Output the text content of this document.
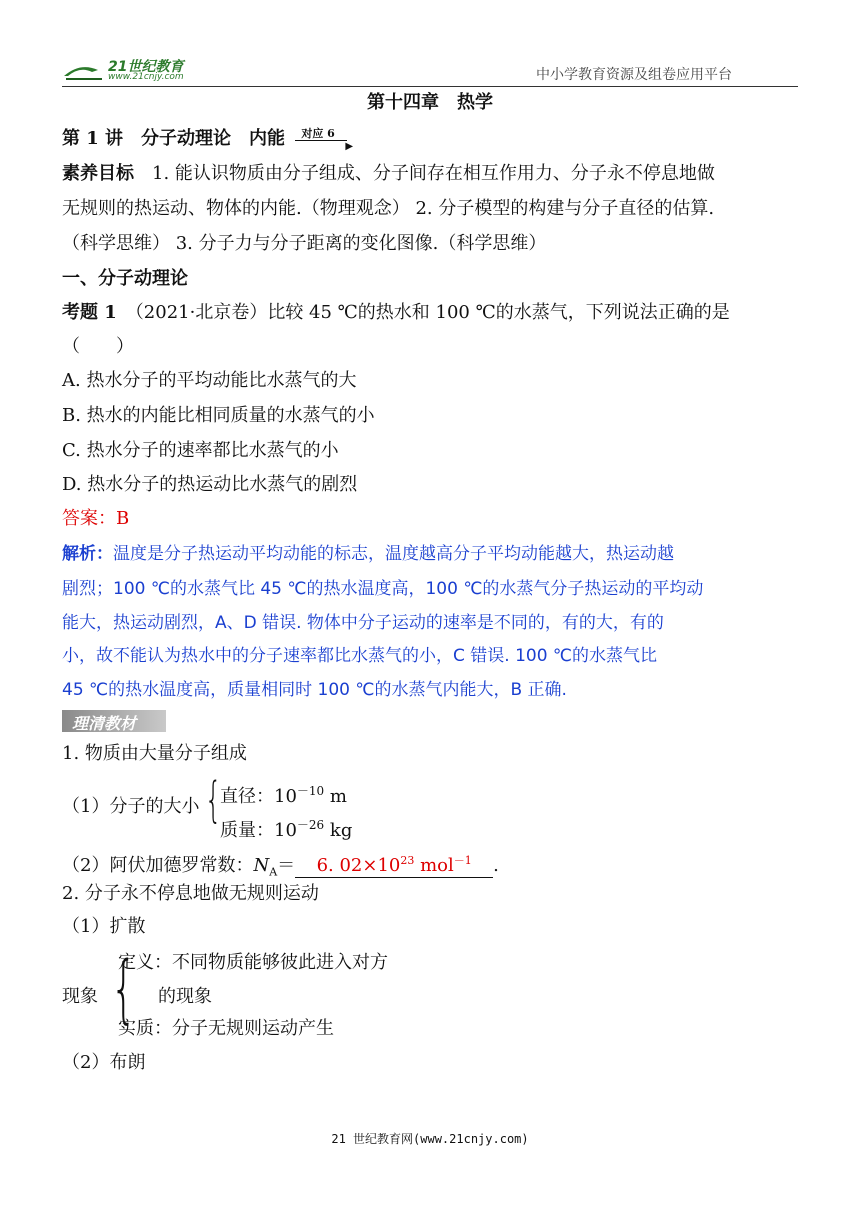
21世纪教育
www.21cnjy.com	中小学教育资源及组卷应用平台
第十四章　热学
第 1 讲　分子动理论　内能 对应 6
▶
素养目标　1. 能认识物质由分子组成、分子间存在相互作用力、分子永不停息地做
无规则的热运动、物体的内能.（物理观念） 2. 分子模型的构建与分子直径的估算.
（科学思维） 3. 分子力与分子距离的变化图像.（科学思维）
一、分子动理论
考题 1　（2021·北京卷）比较 45 ℃的热水和 100 ℃的水蒸气，下列说法正确的是
（　　）
A. 热水分子的平均动能比水蒸气的大
B. 热水的内能比相同质量的水蒸气的小
C. 热水分子的速率都比水蒸气的小
D. 热水分子的热运动比水蒸气的剧烈
答案：B
解析：温度是分子热运动平均动能的标志，温度越高分子平均动能越大，热运动越
剧烈；100 ℃的水蒸气比 45 ℃的热水温度高，100 ℃的水蒸气分子热运动的平均动
能大，热运动剧烈，A、D 错误. 物体中分子运动的速率是不同的，有的大，有的
小，故不能认为热水中的分子速率都比水蒸气的小，C 错误. 100 ℃的水蒸气比
45 ℃的热水温度高，质量相同时 100 ℃的水蒸气内能大，B 正确.
理清教材
1. 物质由大量分子组成
（1）分子的大小 {
直径：$10^{-10}$ m
质量：$10^{-26}$ kg
（2）阿伏加德罗常数：$N_A= 6$. $02\times 10^{23}$ mol$^{-1}$ .
2. 分子永不停息地做无规则运动
（1）扩散
现象 {
定义：不同物质能够彼此进入对方
的现象
实质：分子无规则运动产生
（2）布朗
21 世纪教育网(www.21cnjy.com)
